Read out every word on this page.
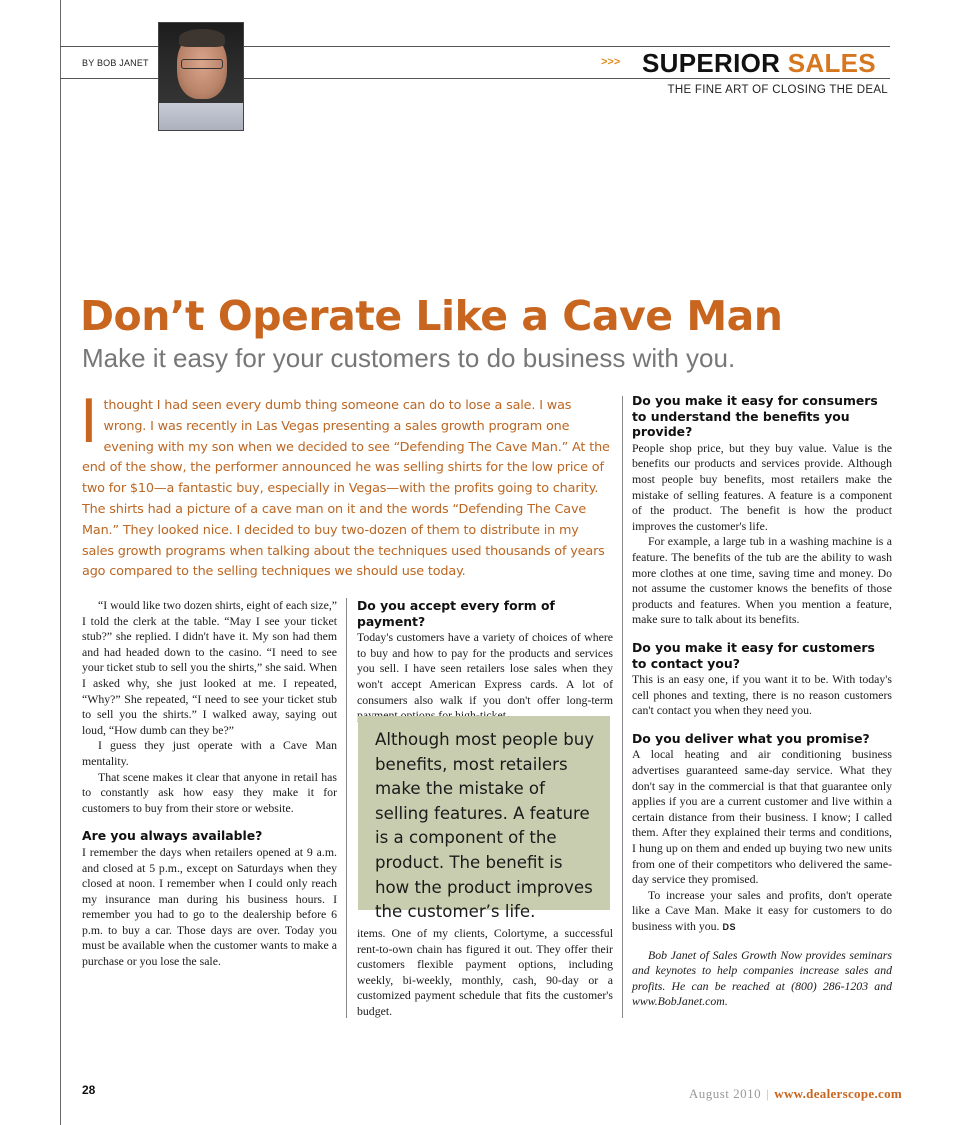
BY BOB JANET	>>> SUPERIOR SALES
THE FINE ART OF CLOSING THE DEAL
Don’t Operate Like a Cave Man
Make it easy for your customers to do business with you.
Ithought I had seen every dumb thing someone can do to lose a sale. I was wrong. I was recently in Las Vegas presenting a sales growth program one evening with my son when we decided to see “Defending The Cave Man.” At the end of the show, the performer announced he was selling shirts for the low price of two for $10—a fantastic buy, especially in Vegas—with the profits going to charity. The shirts had a picture of a cave man on it and the words “Defending The Cave Man.” They looked nice. I decided to buy two-dozen of them to distribute in my sales growth programs when talking about the techniques used thousands of years ago compared to the selling techniques we should use today.

“I would like two dozen shirts, eight of each size,” I told the clerk at the table. “May I see your ticket stub?” she replied. I didn't have it. My son had them and had headed down to the casino. “I need to see your ticket stub to sell you the shirts,” she said. When I asked why, she just looked at me. I repeated, “Why?” She repeated, “I need to see your ticket stub to sell you the shirts.” I walked away, saying out loud, “How dumb can they be?”

I guess they just operate with a Cave Man mentality.

That scene makes it clear that anyone in retail has to constantly ask how easy they make it for customers to buy from their store or website.

Are you always available?

I remember the days when retailers opened at 9 a.m. and closed at 5 p.m., except on Saturdays when they closed at noon. I remember when I could only reach my insurance man during his business hours. I remember you had to go to the dealership before 6 p.m. to buy a car. Those days are over. Today you must be available when the customer wants to make a purchase or you lose the sale.

Do you accept every form of payment?

Today's customers have a variety of choices of where to buy and how to pay for the products and services you sell. I have seen retailers lose sales when they won't accept American Express cards. A lot of consumers also walk if you don't offer long-term

Although most people buy benefits, most retailers make the mistake of selling features. A feature is a component of the product. The benefit is how the product improves the customer’s life.

items. One of my clients, Colortyme, a successful rent-to-own chain has figured it out. They offer their customers flexible payment options, including weekly, bi-weekly, monthly, cash, 90-day or a customized payment schedule that fits the customer's budget.

Do you make it easy for consumers to understand the benefits you provide?

People shop price, but they buy value. Value is the benefits our products and services provide. Although most people buy benefits, most retailers make the mistake of selling features. A feature is a component of the product. The benefit is how the product improves the customer's life.

For example, a large tub in a washing machine is a feature. The benefits of the tub are the ability to wash more clothes at one time, saving time and money. Do not assume the customer knows the benefits of those products and features. When you mention a feature, make sure to talk about its benefits.

Do you make it easy for customers to contact you?

This is an easy one, if you want it to be. With today's cell phones and texting, there is no reason customers can't contact you when they need you.

Do you deliver what you promise?

A local heating and air conditioning business advertises guaranteed same-day service. What they don't say in the commercial is that that guarantee only applies if you are a current customer and live within a certain distance from their business. I know; I called them. After they explained their terms and conditions, I hung up on them and ended up buying two new units from one of their competitors who delivered the same-day service they promised.

To increase your sales and profits, don't operate like a Cave Man. Make it easy for customers to do business with you. DS

Bob Janet of Sales Growth Now provides seminars and keynotes to help companies increase sales and profits. He can be reached at (800) 286-1203 and www.BobJanet.com.

28	August 2010 | www.dealerscope.com
